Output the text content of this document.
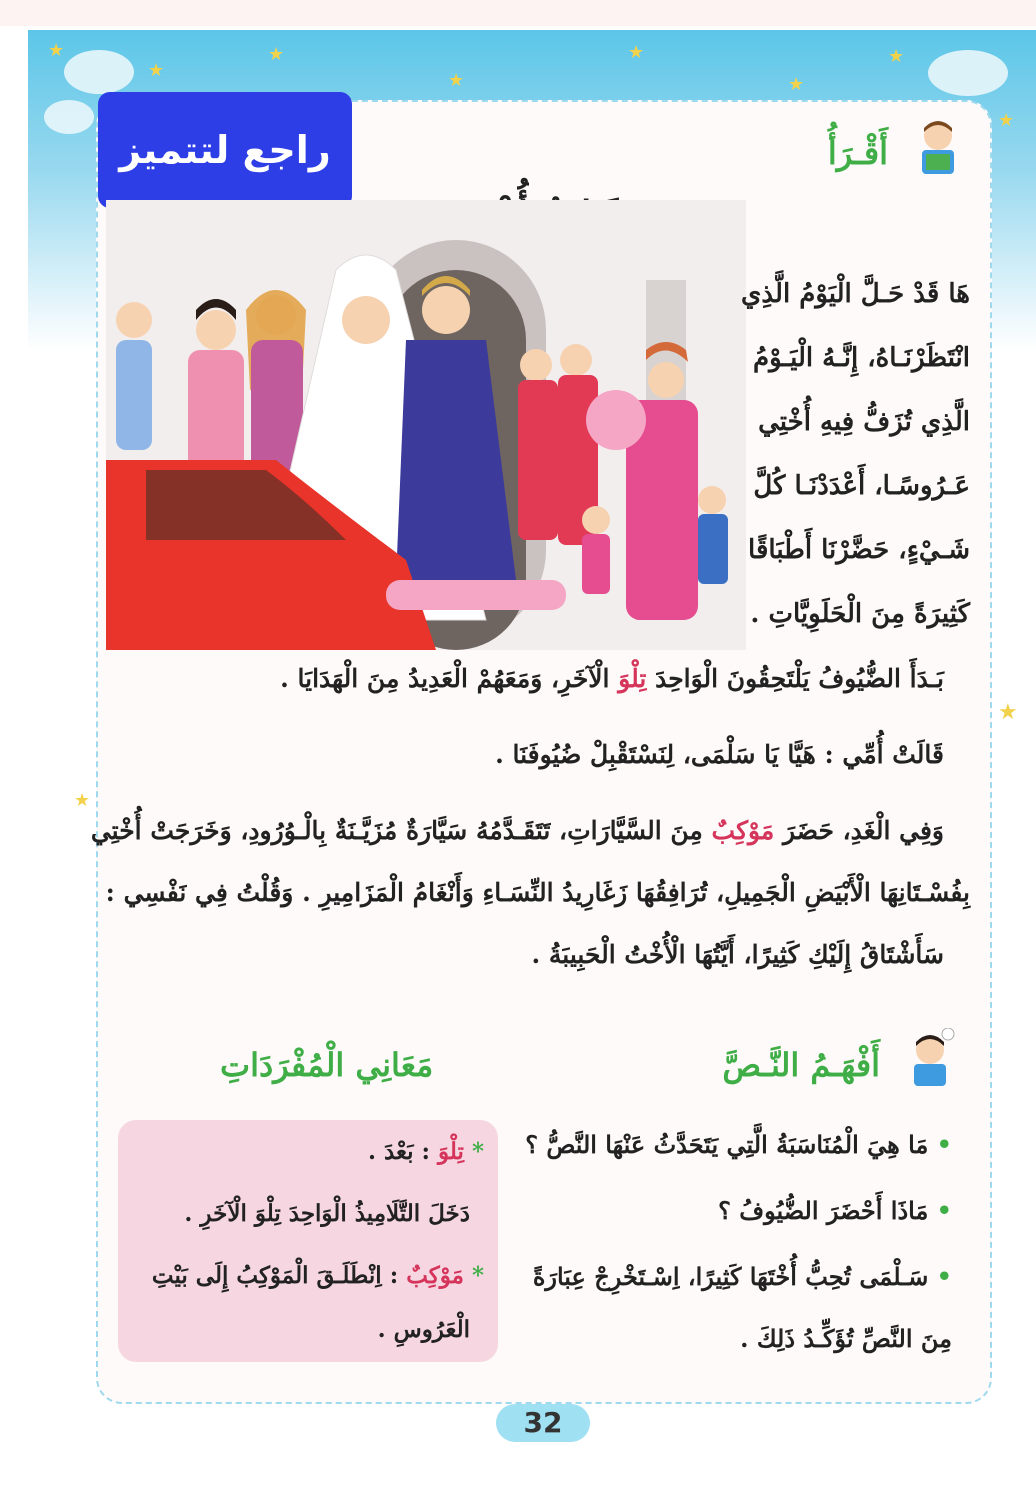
★
★
★
★
★
★
★
★
★
★
راجع لتتميز	أَقْـرَأُ
هَا قَدْ حَـلَّ الْيَوْمُ الَّذِي
انْتَظَرْنَـاهُ، إِنَّـهُ الْيَـوْمُ
الَّذِي تُزَفُّ فِيهِ أُخْتِي
عَـرُوسًـا، أَعْدَدْنَـا كُلَّ
شَـيْءٍ، حَضَّرْنَا أَطْبَاقًا
كَثِيرَةً مِنَ الْحَلَوِيَّاتِ .
بَـدَأَ الضُّيُوفُ يَلْتَحِقُونَ الْوَاحِدَ تِلْوَ الْآخَرِ، وَمَعَهُمْ الْعَدِيدُ مِنَ الْهَدَايَا .
قَالَتْ أُمِّي : هَيَّا يَا سَلْمَى، لِنَسْتَقْبِلْ ضُيُوفَنَا .
وَفِي الْغَدِ، حَضَرَ مَوْكِبٌ مِنَ السَّيَّارَاتِ، تَتَقَـدَّمُهُ سَيَّارَةٌ مُزَيَّـنَةٌ بِالْـوُرُودِ، وَخَرَجَتْ أُخْتِي
بِفُسْـتَانِهَا الْأَبْيَضِ الْجَمِيلِ، تُرَافِقُهَا زَغَارِيدُ النِّسَـاءِ وَأَنْغَامُ الْمَزَامِيرِ . وَقُلْتُ فِي نَفْسِي :
سَأَشْتَاقُ إِلَيْكِ كَثِيرًا، أَيَّتُهَا الْأُخْتُ الْحَبِيبَةُ .
أَفْهَـمُ النَّـصَّ
• مَا هِيَ الْمُنَاسَبَةُ الَّتِي يَتَحَدَّثُ عَنْهَا النَّصُّ ؟
• مَاذَا أَحْضَرَ الضُّيُوفُ ؟
• سَـلْمَى تُحِبُّ أُخْتَهَا كَثِيرًا، اِسْـتَخْرِجْ عِبَارَةً
مِنَ النَّصِّ تُؤَكِّـدُ ذَلِكَ .
مَعَانِي الْمُفْرَدَاتِ
* تِلْوَ : بَعْدَ .
دَخَلَ التَّلَامِيذُ الْوَاحِدَ تِلْوَ الْآخَرِ .
* مَوْكِبٌ : اِنْطَلَـقَ الْمَوْكِبُ إِلَى بَيْتِ
الْعَرُوسِ .
32
